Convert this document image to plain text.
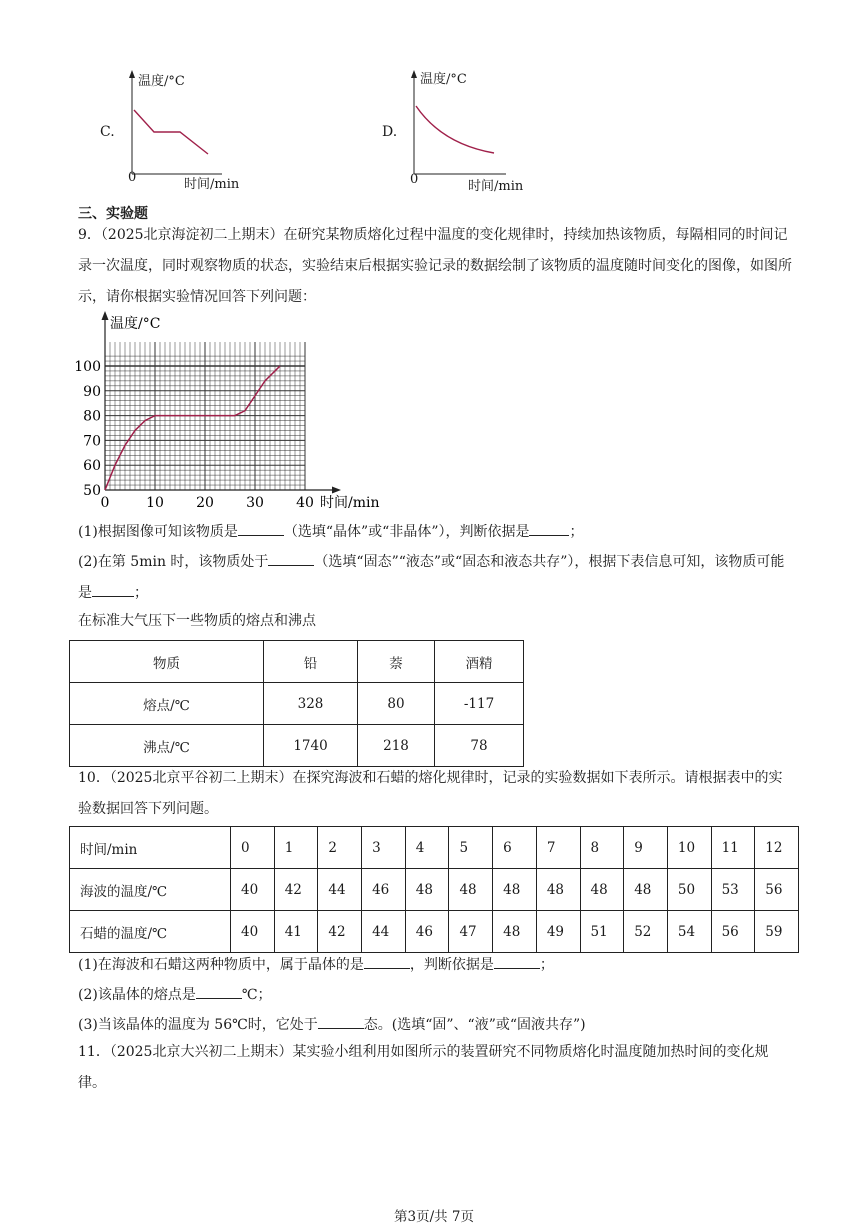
C.
温度/°C
0	时间/min
D.
温度/°C
0	时间/min
三、实验题
9．（2025北京海淀初二上期末）在研究某物质熔化过程中温度的变化规律时，持续加热该物质，每隔相同的时间记录一次温度，同时观察物质的状态，实验结束后根据实验记录的数据绘制了该物质的温度随时间变化的图像，如图所示，请你根据实验情况回答下列问题：
0	10 20 30 40
50
60
70
80
90
100
温度/°C
时间/min
(1)根据图像可知该物质是	（选填“晶体”或“非晶体”），判断依据是	；
(2)在第 5min 时，该物质处于	（选填“固态”“液态”或“固态和液态共存”），根据下表信息可知，该物质可能是	；
在标准大气压下一些物质的熔点和沸点
物质	铅	萘	酒精
熔点/℃	328	80	-117
沸点/℃	1740	218	78
10．（2025北京平谷初二上期末）在探究海波和石蜡的熔化规律时，记录的实验数据如下表所示。请根据表中的实验数据回答下列问题。
时间/min	0	1	2	3	4	5	6	7	8	9	10	11	12
海波的温度/℃	40	42	44	46	48	48	48	48	48	48	50	53	56
石蜡的温度/℃	40	41	42	44	46	47	48	49	51	52	54	56	59
(1)在海波和石蜡这两种物质中，属于晶体的是	，判断依据是	；
(2)该晶体的熔点是	℃；
(3)当该晶体的温度为 56℃时，它处于	态。(选填“固”、“液”或“固液共存”)
11．（2025北京大兴初二上期末）某实验小组利用如图所示的装置研究不同物质熔化时温度随加热时间的变化规律。
第3页/共 7页
